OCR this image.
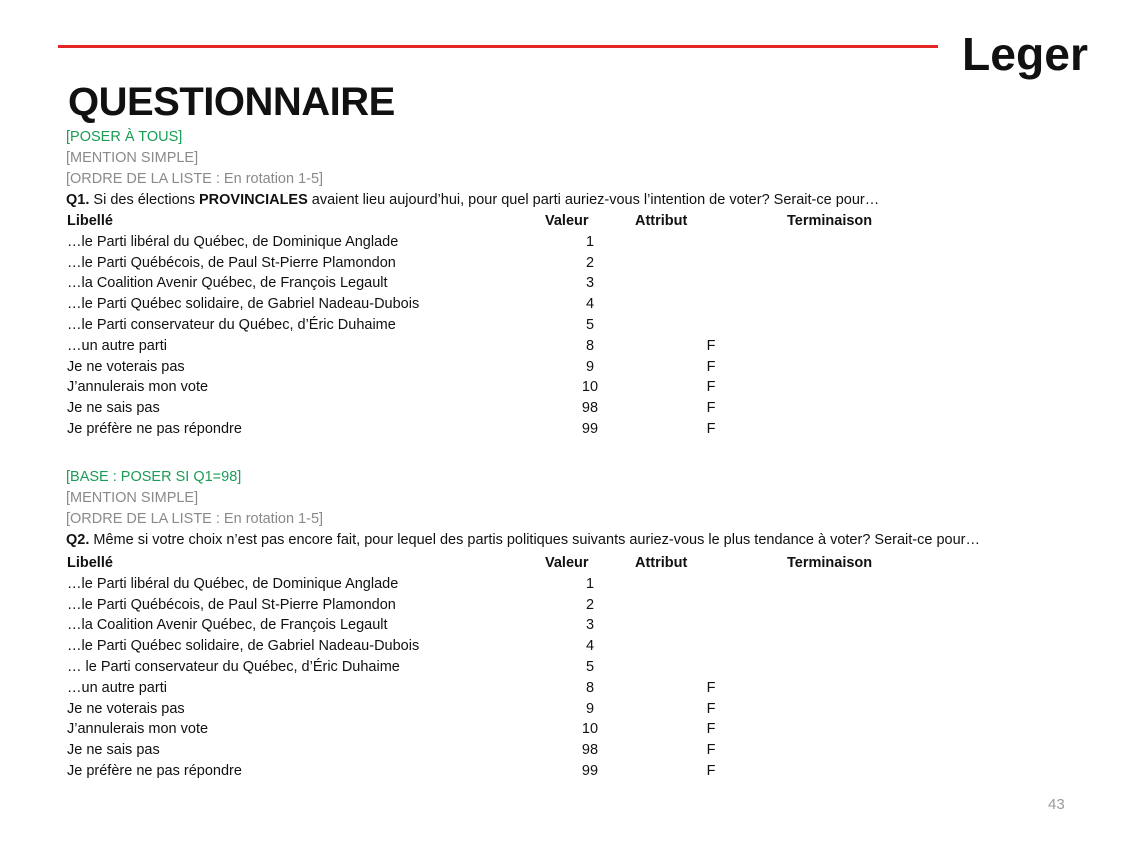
Leger
QUESTIONNAIRE
[POSER À TOUS]
[MENTION SIMPLE]
[ORDRE DE LA LISTE : En rotation 1-5]
Q1. Si des élections PROVINCIALES avaient lieu aujourd’hui, pour quel parti auriez-vous l’intention de voter? Serait-ce pour…
Libellé	Valeur	Attribut	Terminaison
…le Parti libéral du Québec, de Dominique Anglade	1		
…le Parti Québécois, de Paul St-Pierre Plamondon	2		
…la Coalition Avenir Québec, de François Legault	3		
…le Parti Québec solidaire, de Gabriel Nadeau-Dubois	4		
…le Parti conservateur du Québec, d’Éric Duhaime	5		
…un autre parti	8	F	
Je ne voterais pas	9	F	
J’annulerais mon vote	10	F	
Je ne sais pas	98	F	
Je préfère ne pas répondre	99	F	
[BASE : POSER SI Q1=98]
[MENTION SIMPLE]
[ORDRE DE LA LISTE : En rotation 1-5]
Q2. Même si votre choix n’est pas encore fait, pour lequel des partis politiques suivants auriez-vous le plus tendance à voter? Serait-ce pour…
Libellé	Valeur	Attribut	Terminaison
…le Parti libéral du Québec, de Dominique Anglade	1		
…le Parti Québécois, de Paul St-Pierre Plamondon	2		
…la Coalition Avenir Québec, de François Legault	3		
…le Parti Québec solidaire, de Gabriel Nadeau-Dubois	4		
… le Parti conservateur du Québec, d’Éric Duhaime	5		
…un autre parti	8	F	
Je ne voterais pas	9	F	
J’annulerais mon vote	10	F	
Je ne sais pas	98	F	
Je préfère ne pas répondre	99	F	
43
